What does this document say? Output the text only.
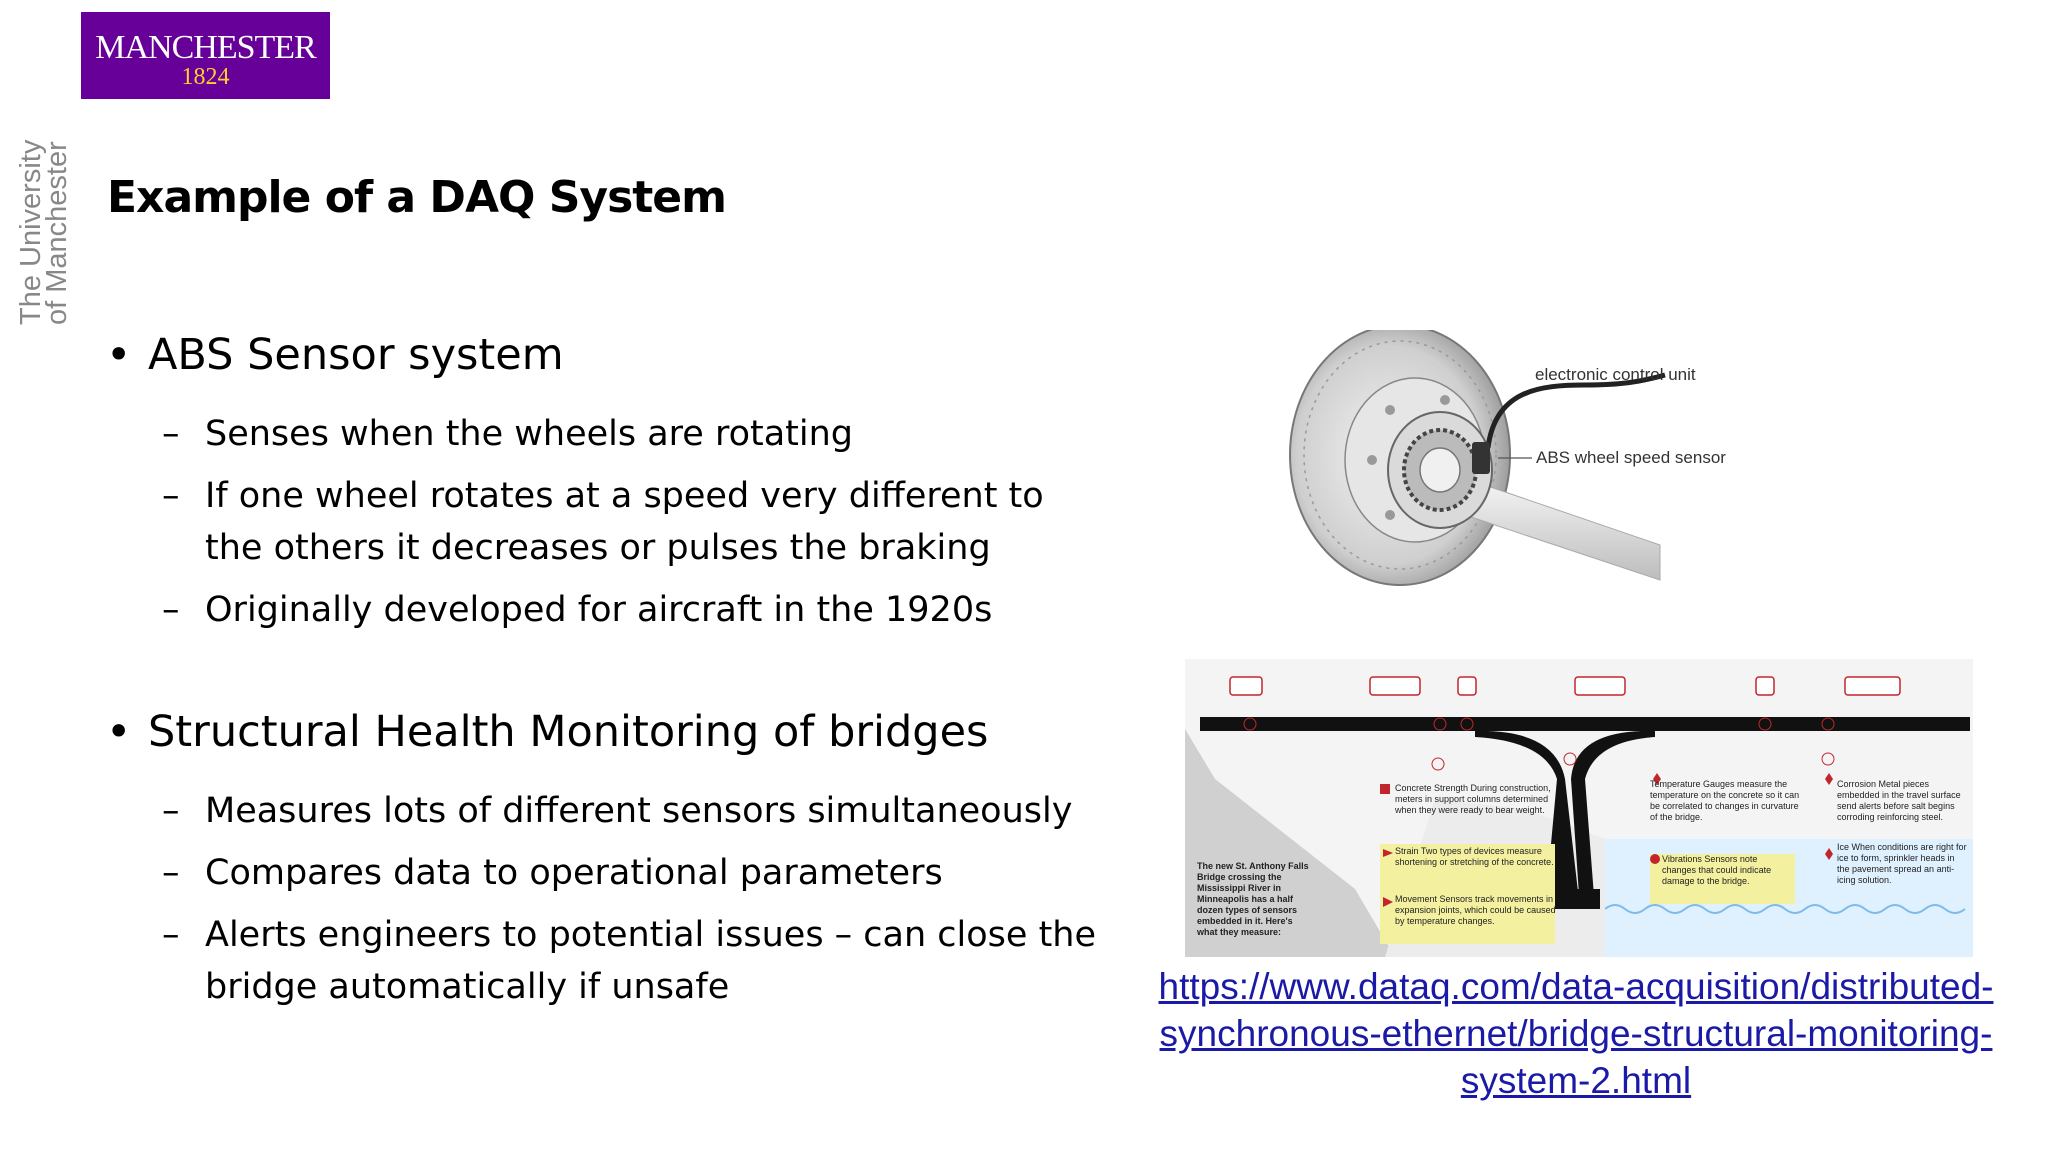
MANCHESTER
1824
The University
of Manchester Example of a DAQ System
• ABS Sensor system
– Senses when the wheels are rotating
– If one wheel rotates at a speed very different to the others it decreases or pulses the braking
– Originally developed for aircraft in the 1920s
• Structural Health Monitoring of bridges
– Measures lots of different sensors simultaneously
– Compares data to operational parameters
– Alerts engineers to potential issues – can close the bridge automatically if unsafe
electronic control unit
ABS wheel speed sensor
The new St. Anthony Falls Bridge crossing the Mississippi River in Minneapolis has a half dozen types of sensors embedded in it. Here's what they measure:
Concrete Strength During construction, meters in support columns determined when they were ready to bear weight.
Strain Two types of devices measure shortening or stretching of the concrete.
Movement Sensors track movements in expansion joints, which could be caused by temperature changes.
Temperature Gauges measure the temperature on the concrete so it can be correlated to changes in curvature of the bridge.
Vibrations Sensors note changes that could indicate damage to the bridge.
Corrosion Metal pieces embedded in the travel surface send alerts before salt begins corroding reinforcing steel.
Ice When conditions are right for ice to form, sprinkler heads in the pavement spread an anti-icing solution.
https://www.dataq.com/data-acquisition/distributed-
synchronous-ethernet/bridge-structural-monitoring-
system-2.html
